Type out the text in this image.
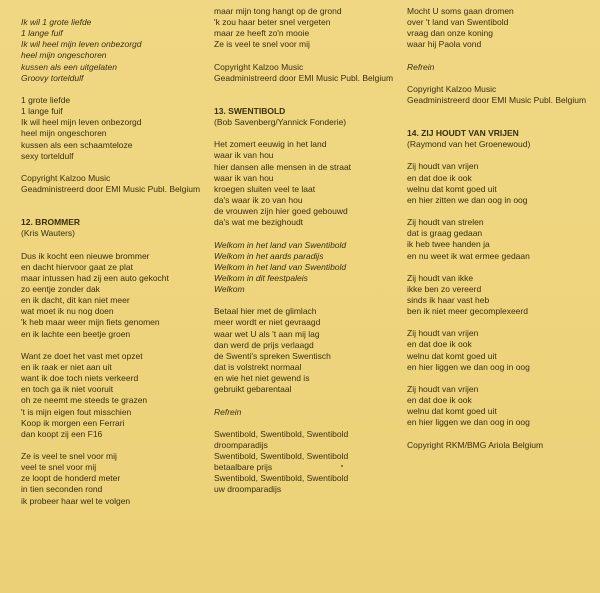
Ik wil 1 grote liefde
1 lange fuif
Ik wil heel mijn leven onbezorgd
heel mijn ongeschoren
kussen als een uitgelaten
Groovy torteldulf
1 grote liefde
1 lange fuif
Ik wil heel mijn leven onbezorgd
heel mijn ongeschoren
kussen als een schaamteloze
sexy torteldulf
Copyright Kalzoo Music
Geadministreerd door EMI Music Publ. Belgium
12. BROMMER
(Kris Wauters)
Dus ik kocht een nieuwe brommer
en dacht hiervoor gaat ze plat
maar intussen had zij een auto gekocht
zo eentje zonder dak
en ik dacht, dit kan niet meer
wat moet ik nu nog doen
'k heb maar weer mijn fiets genomen
en ik lachte een beetje groen
Want ze doet het vast met opzet
en ik raak er niet aan uit
want ik doe toch niets verkeerd
en toch ga ik niet vooruit
oh ze neemt me steeds te grazen
't is mijn eigen fout misschien
Koop ik morgen een Ferrari
dan koopt zij een F16
Ze is veel te snel voor mij
veel te snel voor mij
ze loopt de honderd meter
in tien seconden rond
ik probeer haar wel te volgen
maar mijn tong hangt op de grond
'k zou haar beter snel vergeten
maar ze heeft zo'n mooie
Ze is veel te snel voor mij
Copyright Kalzoo Music
Geadministreerd door EMI Music Publ. Belgium
13. SWENTIBOLD
(Bob Savenberg/Yannick Fonderie)
Het zomert eeuwig in het land
waar ik van hou
hier dansen alle mensen in de straat
waar ik van hou
kroegen sluiten veel te laat
da's waar ik zo van hou
de vrouwen zijn hier goed gebouwd
da's wat me bezighoudt
Welkom in het land van Swentibold
Welkom in het aards paradijs
Welkom in het land van Swentibold
Welkom in dit feestpaleis
Welkom
Betaal hier met de glimlach
meer wordt er niet gevraagd
waar wet U als 't aan mij lag
dan werd de prijs verlaagd
de Swenti's spreken Swentisch
dat is volstrekt normaal
en wie het niet gewend is
gebruikt gebarentaal
Refrein
Swentibold, Swentibold, Swentibold
droomparadijs
Swentibold, Swentibold, Swentibold
betaalbare prijs
Swentibold, Swentibold, Swentibold
uw droomparadijs
Mocht U soms gaan dromen
over 't land van Swentibold
vraag dan onze koning
waar hij Paola vond
Refrein
Copyright Kalzoo Music
Geadministreerd door EMI Music Publ. Belgium
14. ZIJ HOUDT VAN VRIJEN
(Raymond van het Groenewoud)
Zij houdt van vrijen
en dat doe ik ook
welnu dat komt goed uit
en hier zitten we dan oog in oog
Zij houdt van strelen
dat is graag gedaan
ik heb twee handen ja
en nu weet ik wat ermee gedaan
Zij houdt van ikke
ikke ben zo vereerd
sinds ik haar vast heb
ben ik niet meer gecomplexeerd
Zij houdt van vrijen
en dat doe ik ook
welnu dat komt goed uit
en hier liggen we dan oog in oog
Zij houdt van vrijen
en dat doe ik ook
welnu dat komt goed uit
en hier liggen we dan oog in oog
Copyright RKM/BMG Ariola Belgium
